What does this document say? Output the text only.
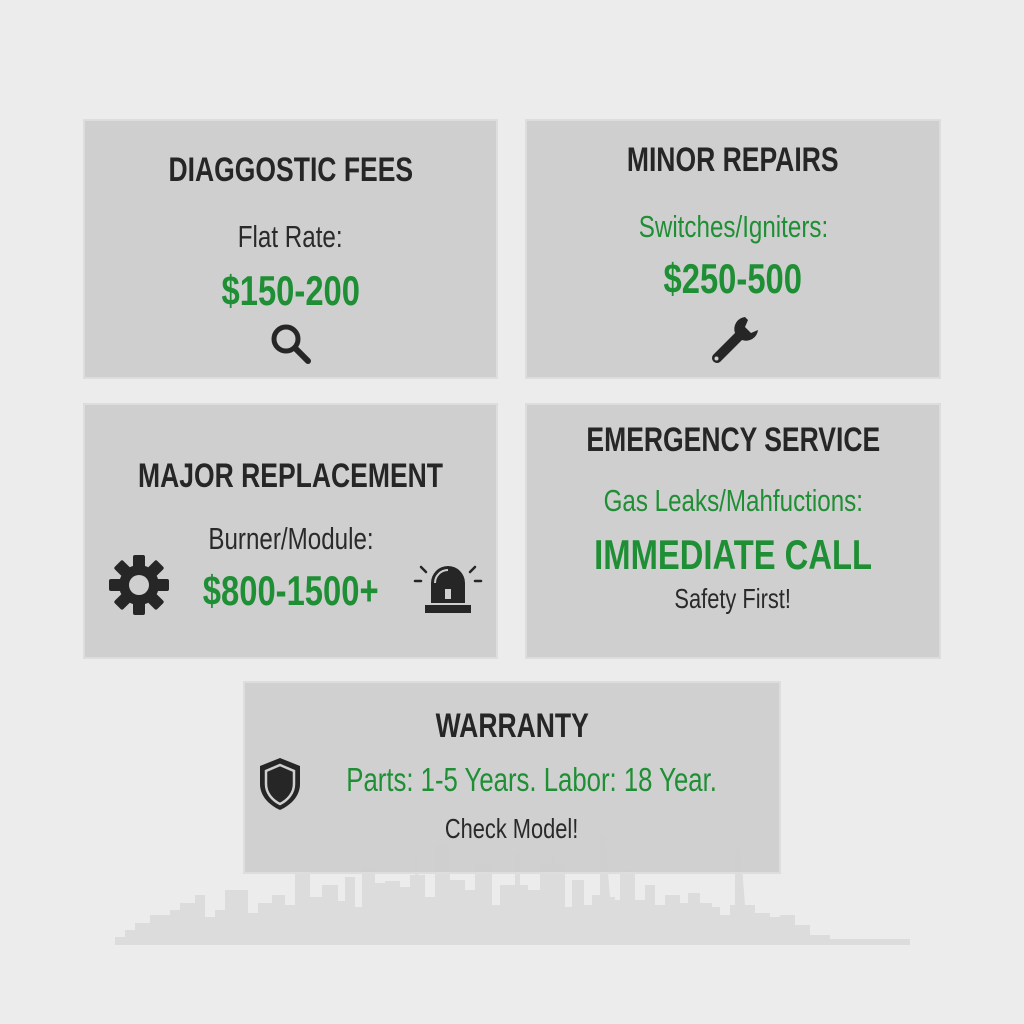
DIAGGOSTIC FEES
Flat Rate:
$150-200
MINOR REPAIRS
Switches/Igniters:
$250-500
MAJOR REPLACEMENT
Burner/Module:
$800-1500+
EMERGENCY SERVICE
Gas Leaks/Mahfuctions:
IMMEDIATE CALL
Safety First!
WARRANTY
Parts: 1-5 Years. Labor: 18 Year.
Check Model!
